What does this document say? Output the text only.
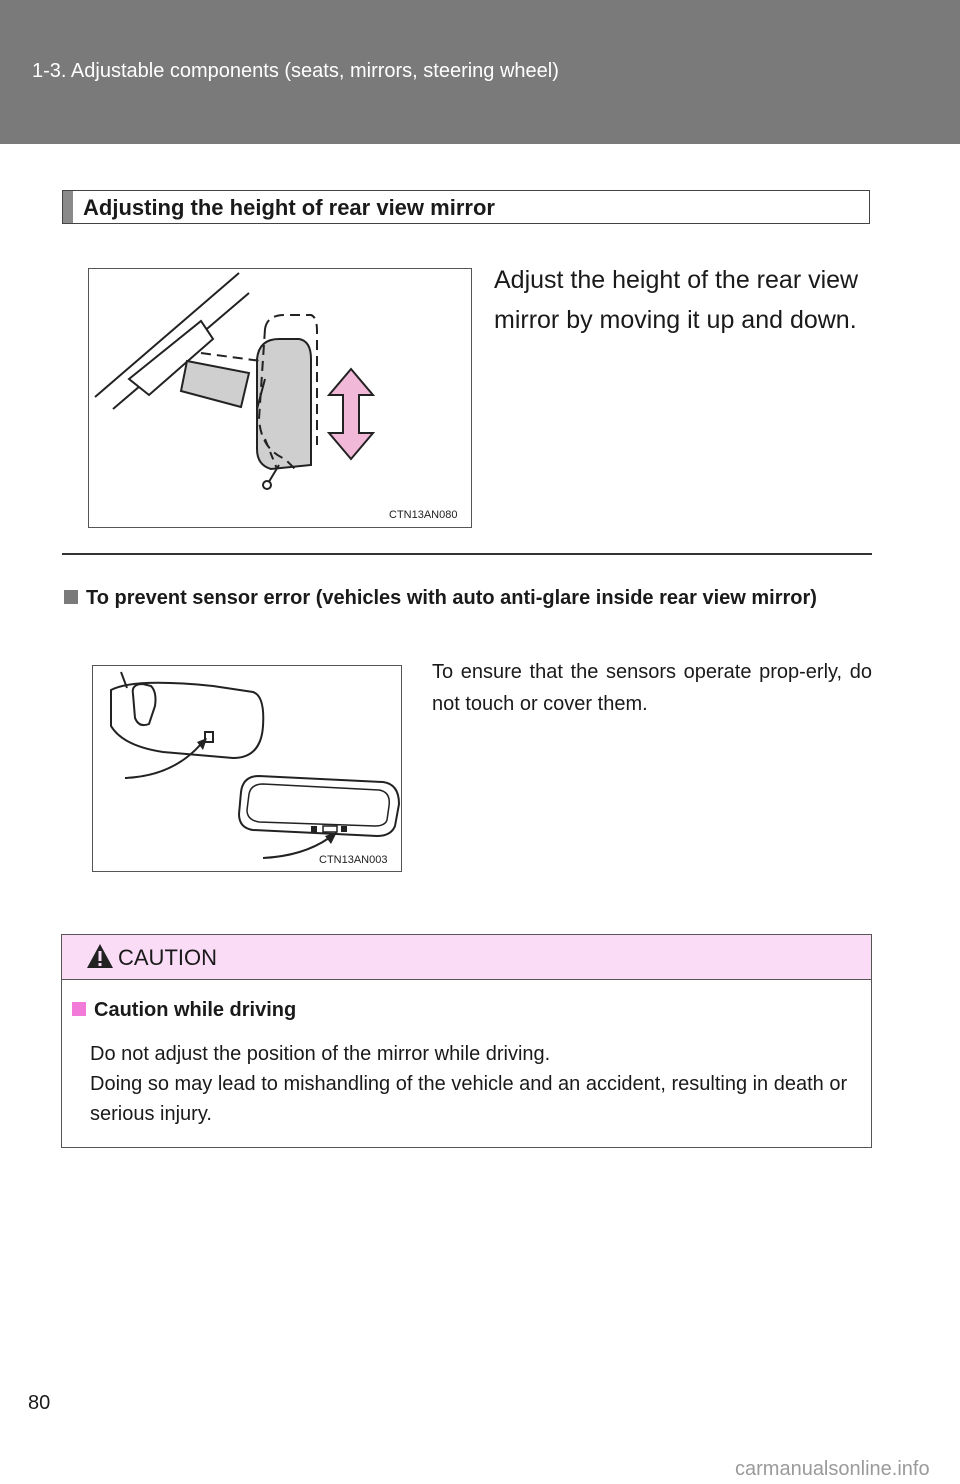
1-3. Adjustable components (seats, mirrors, steering wheel)
Adjusting the height of rear view mirror
CTN13AN080
Adjust the height of the rear view mirror by moving it up and down.
To prevent sensor error (vehicles with auto anti-glare inside rear view mirror)
CTN13AN003
To ensure that the sensors operate prop-erly, do not touch or cover them.
CAUTION
Caution while driving
Do not adjust the position of the mirror while driving.
Doing so may lead to mishandling of the vehicle and an accident, resulting in death or serious injury.
80
carmanualsonline.info
